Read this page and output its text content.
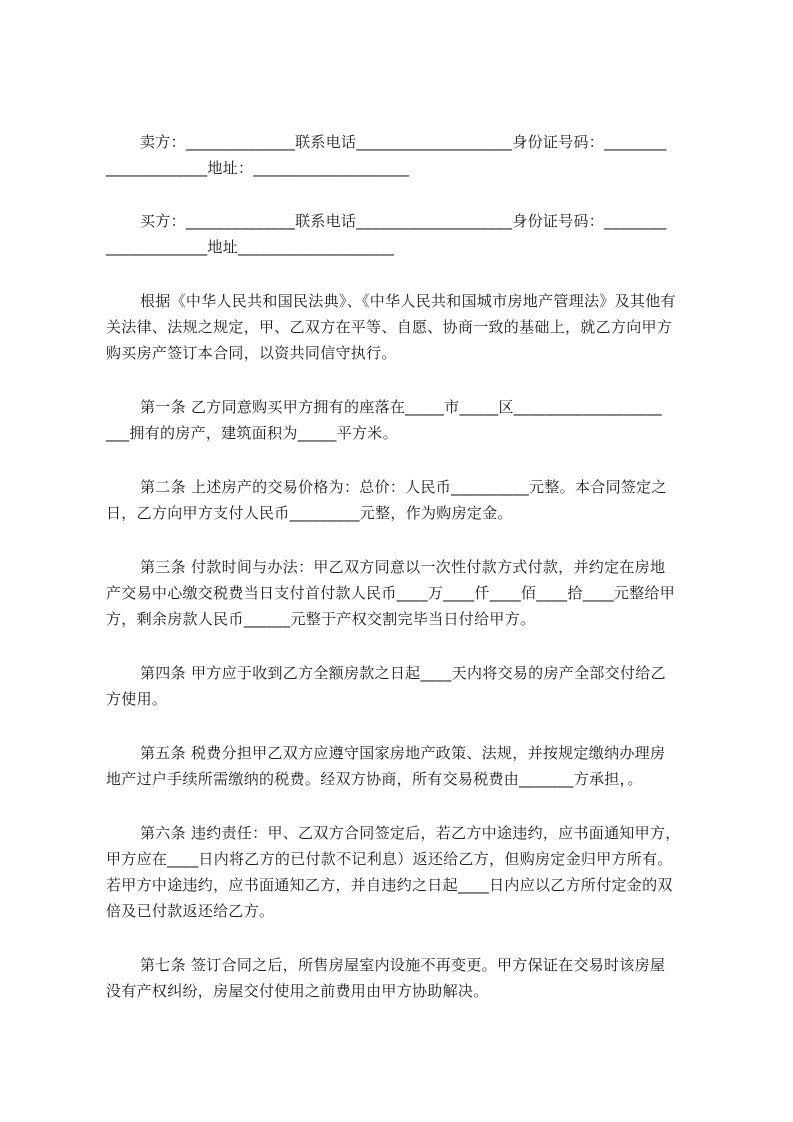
卖方：______________联系电话____________________身份证号码：________
_____________地址：____________________
买方：______________联系电话____________________身份证号码：________
_____________地址____________________
根据《中华人民共和国民法典》、《中华人民共和国城市房地产管理法》及其他有
关法律、法规之规定，甲、乙双方在平等、自愿、协商一致的基础上，就乙方向甲方
购买房产签订本合同，以资共同信守执行。
第一条 乙方同意购买甲方拥有的座落在_____市_____区___________________
___拥有的房产，建筑面积为_____平方米。
第二条 上述房产的交易价格为：总价：人民币__________元整。本合同签定之
日，乙方向甲方支付人民币_________元整，作为购房定金。
第三条 付款时间与办法：甲乙双方同意以一次性付款方式付款，并约定在房地
产交易中心缴交税费当日支付首付款人民币____万____仟____佰____拾____元整给甲
方，剩余房款人民币______元整于产权交割完毕当日付给甲方。
第四条 甲方应于收到乙方全额房款之日起____天内将交易的房产全部交付给乙
方使用。
第五条 税费分担甲乙双方应遵守国家房地产政策、法规，并按规定缴纳办理房
地产过户手续所需缴纳的税费。经双方协商，所有交易税费由_______方承担，。
第六条 违约责任：甲、乙双方合同签定后，若乙方中途违约，应书面通知甲方，
甲方应在____日内将乙方的已付款不记利息）返还给乙方，但购房定金归甲方所有。
若甲方中途违约，应书面通知乙方，并自违约之日起____日内应以乙方所付定金的双
倍及已付款返还给乙方。
第七条 签订合同之后，所售房屋室内设施不再变更。甲方保证在交易时该房屋
没有产权纠纷，房屋交付使用之前费用由甲方协助解决。
